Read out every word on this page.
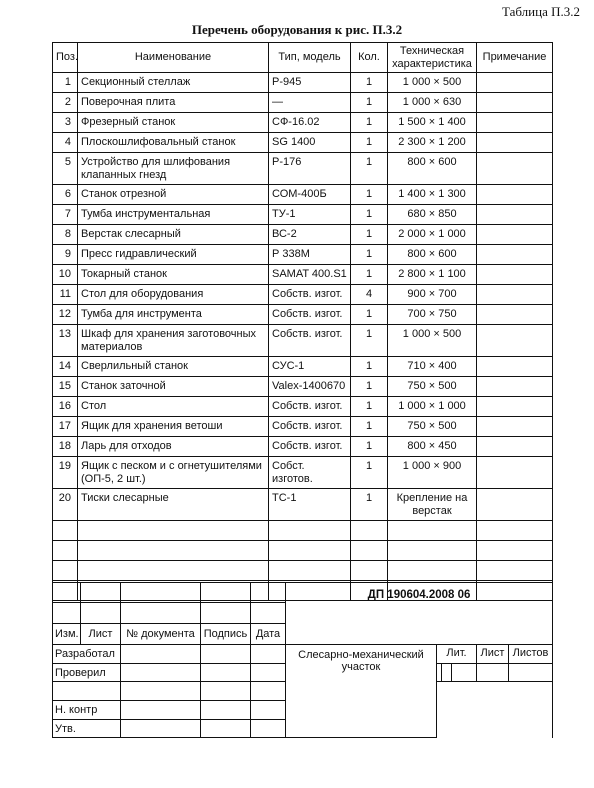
Таблица П.3.2
Перечень оборудования к рис. П.3.2
Поз.	Наименование	Тип, модель	Кол.	Техническая характеристика	Примечание
1	Секционный стеллаж	Р-945	1	1 000 × 500	
2	Поверочная плита	—	1	1 000 × 630	
3	Фрезерный станок	СФ-16.02	1	1 500 × 1 400	
4	Плоскошлифовальный станок	SG 1400	1	2 300 × 1 200	
5	Устройство для шлифования клапанных гнезд	Р-176	1	800 × 600	
6	Станок отрезной	СОМ-400Б	1	1 400 × 1 300	
7	Тумба инструментальная	ТУ-1	1	680 × 850	
8	Верстак слесарный	ВС-2	1	2 000 × 1 000	
9	Пресс гидравлический	Р 338М	1	800 × 600	
10	Токарный станок	SAMAT 400.S1	1	2 800 × 1 100	
11	Стол для оборудования	Собств. изгот.	4	900 × 700	
12	Тумба для инструмента	Собств. изгот.	1	700 × 750	
13	Шкаф для хранения заготовочных материалов	Собств. изгот.	1	1 000 × 500	
14	Сверлильный станок	СУС-1	1	710 × 400	
15	Станок заточной	Valex-1400670	1	750 × 500	
16	Стол	Собств. изгот.	1	1 000 × 1 000	
17	Ящик для хранения ветоши	Собств. изгот.	1	750 × 500	
18	Ларь для отходов	Собств. изгот.	1	800 × 450	
19	Ящик с песком и с огнетушителями (ОП-5, 2 шт.)	Собст. изготов.	1	1 000 × 900	
20	Тиски слесарные	ТС-1	1	Крепление на верстак	

					ДП 190604.2008 06					

Изм.	Лист	№ документа	Подпись	Дата						
Разработал					Слесарно-механический участок	Лит.			Лист	Листов
Проверил										

Н. контр										
Утв.										
